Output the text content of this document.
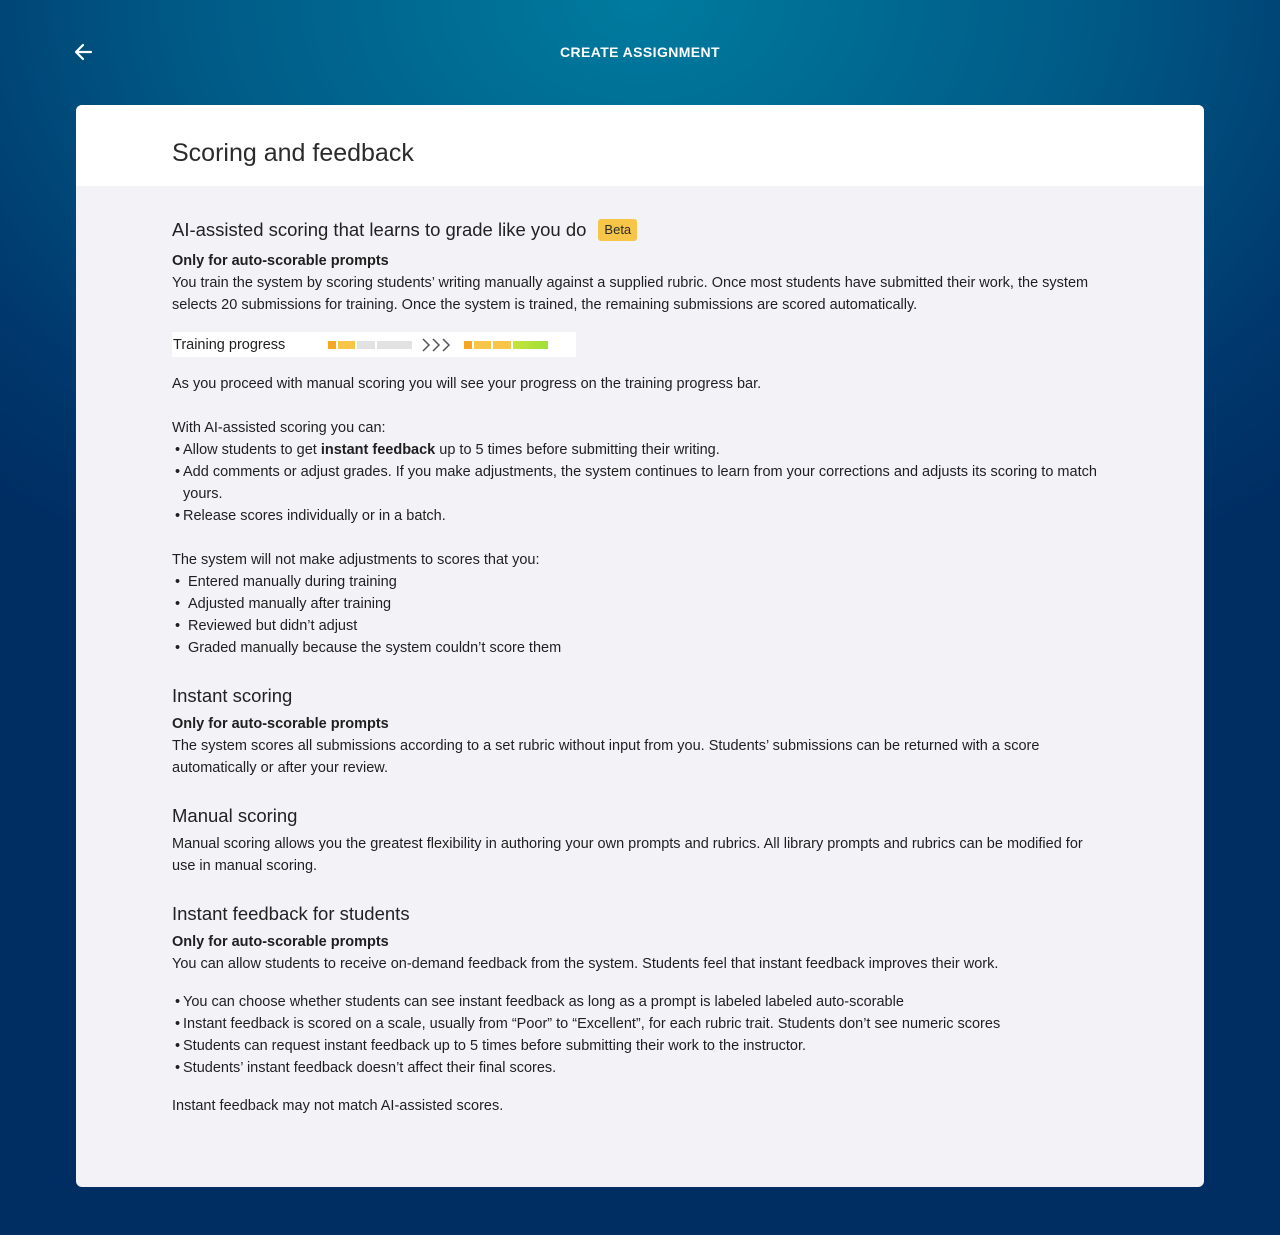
CREATE ASSIGNMENT
Scoring and feedback
AI-assisted scoring that learns to grade like you do	Beta

Only for auto-scorable prompts

You train the system by scoring students’ writing manually against a supplied rubric. Once most students have submitted their work, the system selects 20 submissions for training. Once the system is trained, the remaining submissions are scored automatically.

Training progress

As you proceed with manual scoring you will see your progress on the training progress bar.

With AI-assisted scoring you can:

• Allow students to get instant feedback up to 5 times before submitting their writing.
• Add comments or adjust grades. If you make adjustments, the system continues to learn from your corrections and adjusts its scoring to match yours.
• Release scores individually or in a batch.

The system will not make adjustments to scores that you:

• Entered manually during training
• Adjusted manually after training
• Reviewed but didn’t adjust
• Graded manually because the system couldn’t score them
Instant scoring

Only for auto-scorable prompts

The system scores all submissions according to a set rubric without input from you. Students’ submissions can be returned with a score automatically or after your review.

Manual scoring

Manual scoring allows you the greatest flexibility in authoring your own prompts and rubrics. All library prompts and rubrics can be modified for use in manual scoring.

Instant feedback for students

Only for auto-scorable prompts

You can allow students to receive on-demand feedback from the system. Students feel that instant feedback improves their work.

• You can choose whether students can see instant feedback as long as a prompt is labeled labeled auto-scorable
• Instant feedback is scored on a scale, usually from “Poor” to “Excellent”, for each rubric trait. Students don’t see numeric scores
• Students can request instant feedback up to 5 times before submitting their work to the instructor.
• Students’ instant feedback doesn’t affect their final scores.

Instant feedback may not match AI-assisted scores.
